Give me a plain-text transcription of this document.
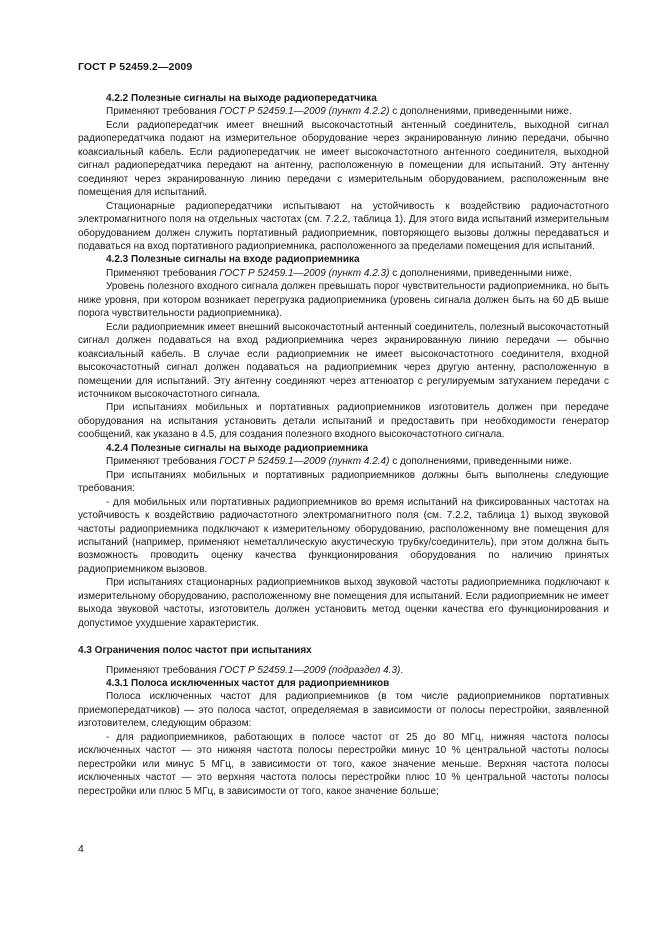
ГОСТ Р 52459.2—2009
4.2.2 Полезные сигналы на выходе радиопередатчика

Применяют требования ГОСТ Р 52459.1—2009 (пункт 4.2.2) с дополнениями, приведенными ниже.

Если радиопередатчик имеет внешний высокочастотный антенный соединитель, выходной сигнал радиопередатчика подают на измерительное оборудование через экранированную линию передачи, обычно коаксиальный кабель. Если радиопередатчик не имеет высокочастотного антенного соединителя, выходной сигнал радиопередатчика передают на антенну, расположенную в помещении для испытаний. Эту антенну соединяют через экранированную линию передачи с измерительным оборудованием, расположенным вне помещения для испытаний.

Стационарные радиопередатчики испытывают на устойчивость к воздействию радиочастотного электромагнитного поля на отдельных частотах (см. 7.2.2, таблица 1). Для этого вида испытаний измерительным оборудованием должен служить портативный радиоприемник, повторяющего вызовы должны передаваться и подаваться на вход портативного радиоприемника, расположенного за пределами помещения для испытаний.

4.2.3 Полезные сигналы на входе радиоприемника

Применяют требования ГОСТ Р 52459.1—2009 (пункт 4.2.3) с дополнениями, приведенными ниже.

Уровень полезного входного сигнала должен превышать порог чувствительности радиоприемника, но быть ниже уровня, при котором возникает перегрузка радиоприемника (уровень сигнала должен быть на 60 дБ выше порога чувствительности радиоприемника).

Если радиоприемник имеет внешний высокочастотный антенный соединитель, полезный высокочастотный сигнал должен подаваться на вход радиоприемника через экранированную линию передачи — обычно коаксиальный кабель. В случае если радиоприемник не имеет высокочастотного соединителя, входной высокочастотный сигнал должен подаваться на радиоприемник через другую антенну, расположенную в помещении для испытаний. Эту антенну соединяют через аттенюатор с регулируемым затуханием передачи с источником высокочастотного сигнала.

При испытаниях мобильных и портативных радиоприемников изготовитель должен при передаче оборудования на испытания установить детали испытаний и предоставить при необходимости генератор сообщений, как указано в 4.5, для создания полезного входного высокочастотного сигнала.

4.2.4 Полезные сигналы на выходе радиоприемника

Применяют требования ГОСТ Р 52459.1—2009 (пункт 4.2.4) с дополнениями, приведенными ниже.

При испытаниях мобильных и портативных радиоприемников должны быть выполнены следующие требования:

- для мобильных или портативных радиоприемников во время испытаний на фиксированных частотах на устойчивость к воздействию радиочастотного электромагнитного поля (см. 7.2.2, таблица 1) выход звуковой частоты радиоприемника подключают к измерительному оборудованию, расположенному вне помещения для испытаний (например, применяют неметаллическую акустическую трубку/соединитель), при этом должна быть возможность проводить оценку качества функционирования оборудования по наличию принятых радиоприемником вызовов.

При испытаниях стационарных радиоприемников выход звуковой частоты радиоприемника подключают к измерительному оборудованию, расположенному вне помещения для испытаний. Если радиоприемник не имеет выхода звуковой частоты, изготовитель должен установить метод оценки качества его функционирования и допустимое ухудшение характеристик.

4.3 Ограничения полос частот при испытаниях

Применяют требования ГОСТ Р 52459.1—2009 (подраздел 4.3).

4.3.1 Полоса исключенных частот для радиоприемников

Полоса исключенных частот для радиоприемников (в том числе радиоприемников портативных приемопередатчиков) — это полоса частот, определяемая в зависимости от полосы перестройки, заявленной изготовителем, следующим образом:

- для радиоприемников, работающих в полосе частот от 25 до 80 МГц, нижняя частота полосы исключенных частот — это нижняя частота полосы перестройки минус 10 % центральной частоты полосы перестройки или минус 5 МГц, в зависимости от того, какое значение меньше. Верхняя частота полосы исключенных частот — это верхняя частота полосы перестройки плюс 10 % центральной частоты полосы перестройки или плюс 5 МГц, в зависимости от того, какое значение больше;

4
